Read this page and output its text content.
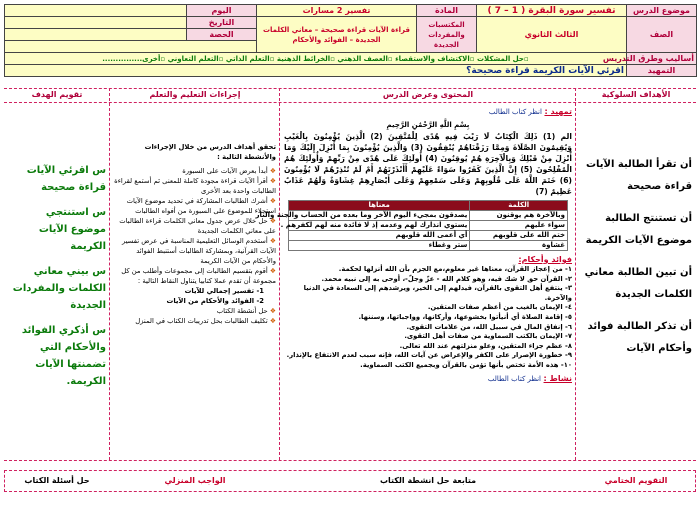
موضوع الدرس	تفسير سورة البقرة ( 1 – 7 )	المادة	تفسير 2 مسارات	اليوم	
الصف	الثالث الثانوي	المكتسبات والمفردات الجديدة	قراءة الآيات قراءة صحيحة – معاني الكلمات الجديدة – الفوائد والأحكام	التاريخ	
				الحصة	

أساليب وطرق التدريس	▫حل المشكلات ▫الاكتشاف والاستقصاء ▫العصف الذهني ▫الخرائط الذهنية ▫التعلم الذاتي ▫التعلم التعاوني ▫أخرى...............				
التمهيد	اقرئي الآيات الكريمة قراءة صحيحة؟				
الأهداف السلوكية
المحتوى وعرض الدرس
إجراءات التعليم والتعلم
تقويم الهدف
أن تقرأ الطالبة الآيات قراءة صحيحة
أن تستنتج الطالبة موضوع الآيات الكريمة
أن تبين الطالبة معاني الكلمات الجديدة
أن تذكر الطالبة فوائد وأحكام الآيات
تمهيد : انظر كتاب الطالب
بِسْمِ اللَّهِ الرَّحْمَٰنِ الرَّحِيمِ
الم (1) ذَلِكَ الْكِتَابُ لَا رَيْبَ فِيهِ هُدًى لِلْمُتَّقِينَ (2) الَّذِينَ يُؤْمِنُونَ بِالْغَيْبِ وَيُقِيمُونَ الصَّلَاةَ وَمِمَّا رَزَقْنَاهُمْ يُنْفِقُونَ (3) وَالَّذِينَ يُؤْمِنُونَ بِمَا أُنْزِلَ إِلَيْكَ وَمَا أُنْزِلَ مِنْ قَبْلِكَ وَبِالْآخِرَةِ هُمْ يُوقِنُونَ (4) أُولَئِكَ عَلَى هُدًى مِنْ رَبِّهِمْ وَأُولَئِكَ هُمُ الْمُفْلِحُونَ (5) إِنَّ الَّذِينَ كَفَرُوا سَوَاءٌ عَلَيْهِمْ أَأَنْذَرْتَهُمْ أَمْ لَمْ تُنْذِرْهُمْ لَا يُؤْمِنُونَ (6) خَتَمَ اللَّهُ عَلَى قُلُوبِهِمْ وَعَلَى سَمْعِهِمْ وَعَلَى أَبْصَارِهِمْ غِشَاوَةٌ وَلَهُمْ عَذَابٌ عَظِيمٌ (7)
الكلمة	معناها
وبالآخرة هم يوقنون	يصدقون بمجيء اليوم الآخر وما بعده من الحساب والجنة والنار
سواء عليهم	يستوي انذارك لهم وعدمه إذ لا فائدة منه لهم لكفرهم .
ختم الله على قلوبهم	أي أعمى الله قلوبهم
غشاوة	ستر وغطاء
فوائد وأحكام:
١- من إعجاز القرآن، معناها غير معلوم،مع الجزم بأن الله أنزلها لحكمة.
٢- القرآن حق لا شك فيه، وهو كلام الله - عزّ وجلّ-، أوحى به إلى نبيه محمد.
٣- ينتفع أهل التقوى بالقرآن، فيدلهم إلى الخير، ويرشدهم إلى السعادة في الدنيا والآخرة.
٤- الإيمان بالغيب من أعظم صفات المتقين.
٥- إقامة الصلاة أي أنيأتوا بخشوعها، وأركانها، وواجباتها، وسننها.
٦- إنفاق المال في سبيل الله، من علامات التقوى.
٧- الإيمان بالكتب السماوية من صفات أهل التقوى.
٨- عظم جزاء المتقين، وعلو منزلتهم عند الله تعالى.
٩- خطورة الإصرار على الكفر والإعراض عن آيات الله، فإنه سبب لعدم الانتفاع بالإنذار.
١٠- هذه الأمة تختص بأنها تؤمن بالقرآن وبجميع الكتب السماوية.
نشاط : انظر كتاب الطالب
تحقق أهداف الدرس من خلال الإجراءات والأنشطة التالية :
❖ أبدأ بعرض الآيات على السبورة
❖ أقرأ الآيات قراءة مجودة كاملة للمعنى ثم أستمع لقراءة الطالبات واحدة بعد الأخرى
❖ أشرك الطالبات المشاركة في تحديد موضوع الآيات استجلاء للموضوع على السبورة من أفواه الطالبات
❖ حل خلال عرض جدول معاني الكلمات قراءة الطالبات على معاني الكلمات الجديدة
❖ أستخدم الوسائل التعليمية المناسبة في عرض تفسير الآيات القرآنية، وبمشاركة الطالبات أستنبط الفوائد والأحكام من الآيات الكريمة
❖ أقوم بتقسيم الطالبات إلى مجموعات وأطلب من كل مجموعة أن تقدم عملا كتابيا يتناول النقاط التالية :
1- تفسير إجمالي للآيات
2- الفوائد والأحكام من الآيات
❖ حل أنشطة الكتاب
❖ تكليف الطالبات بحل تدريبات الكتاب في المنزل
س اقرئي الآيات قراءة صحيحة
س استنتجي موضوع الآيات الكريمة
س بيني معاني الكلمات والمفردات الجديدة
س أذكري الفوائد والأحكام التي تضمنتها الآيات الكريمة.
التقويم الختامي
متابعة حل انشطة الكتاب
الواجب المنزلي
حل أسئلة الكتاب
